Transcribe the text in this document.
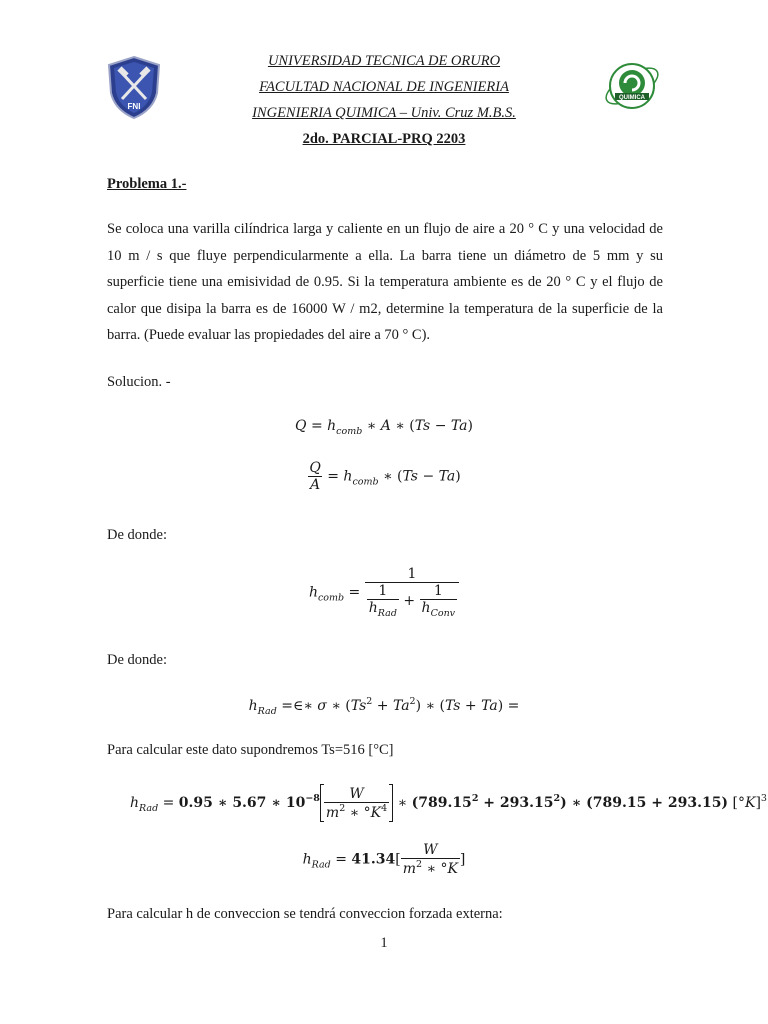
FNI
QUIMICA
UNIVERSIDAD TECNICA DE ORURO
FACULTAD NACIONAL DE INGENIERIA
INGENIERIA QUIMICA – Univ. Cruz M.B.S.
2do. PARCIAL-PRQ 2203
Problema 1.-
Se coloca una varilla cilíndrica larga y caliente en un flujo de aire a 20 ° C y una velocidad de 10 m / s que fluye perpendicularmente a ella. La barra tiene un diámetro de 5 mm y su superficie tiene una emisividad de 0.95. Si la temperatura ambiente es de 20 ° C y el flujo de calor que disipa la barra es de 16000 W / m2, determine la temperatura de la superficie de la barra. (Puede evaluar las propiedades del aire a 70 ° C).
Solucion. -
$Q = h_{comb}$ ∗ A ∗ (Ts − Ta)
$\frac{Q}{A} = h_{comb}$ ∗ (Ts − Ta)
De donde:
$h_{comb} = \frac{1}{\frac{1}{h_{Rad}} + \frac{1}{h_{Conv}}}$
De donde:
$h_{Rad}$ =∈∗ σ ∗ $(Ts^2 + Ta^2)$ ∗ (Ts + Ta) =
Para calcular este dato supondremos Ts=516 [°C]
$h_{Rad} = 0.95$ ∗ 5.67 ∗ $10^{-8} \frac{W}{m^2 ∗ ^\circ K^4}$ ∗ $(789.15^2 + 293.15^2)$ ∗ (789.15 + 293.15) $[^\circ K]^3$
$h_{Rad} = 41.34[ \frac{W}{m^2 ∗ ^\circ K}$ ]
Para calcular h de conveccion se tendrá conveccion forzada externa:
1
